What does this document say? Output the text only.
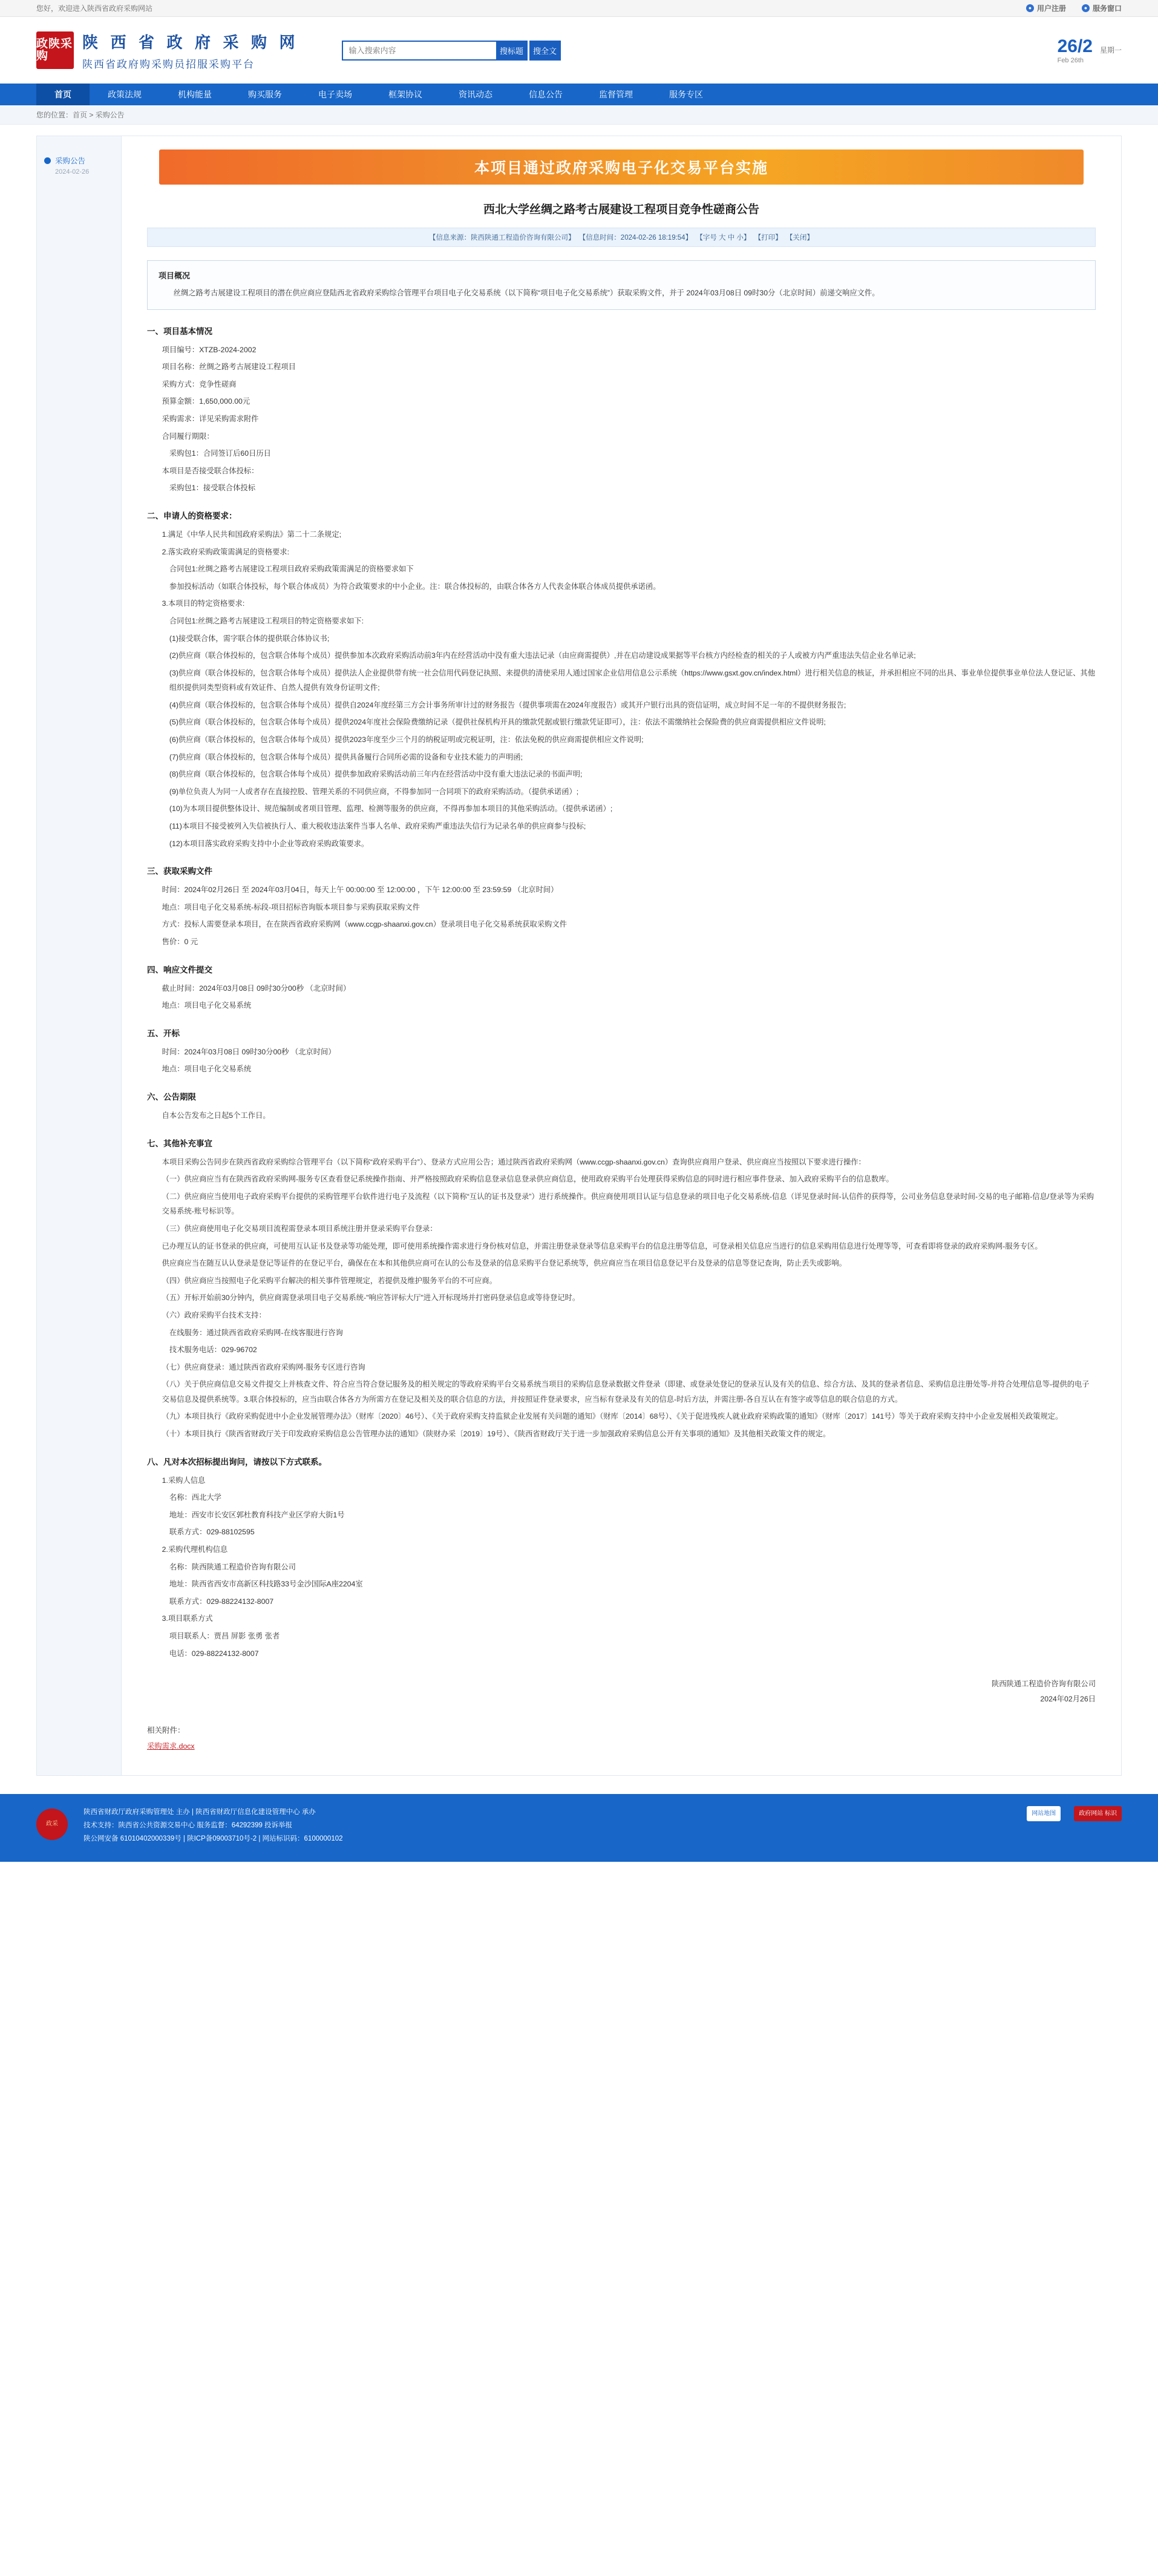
您好，欢迎进入陕西省政府采购网站	● 用户注册	● 服务窗口
政陕采购
陕 西 省 政 府 采 购 网
陕西省政府购采购员招服采购平台
输入搜索内容
搜标题	搜全文	26/2
Feb 26th
星期一
首页	政策法规	机构能量	购买服务	电子卖场	框架协议	资讯动态	信息公告	监督管理	服务专区
您的位置：首页 > 采购公告
采购公告
2024-02-26	本项目通过政府采购电子化交易平台实施
西北大学丝绸之路考古展建设工程项目竞争性磋商公告
【信息来源：陕西陕通工程造价咨询有限公司】 【信息时间：2024-02-26 18:19:54】 【字号 大 中 小】 【打印】 【关闭】
项目概况
丝绸之路考古展建设工程项目的潜在供应商应登陆西北省政府采购综合管理平台项目电子化交易系统（以下简称“项目电子化交易系统”）获取采购文件，并于 2024年03月08日 09时30分（北京时间）前递交响应文件。
一、项目基本情况

项目编号：XTZB-2024-2002

项目名称：丝绸之路考古展建设工程项目

采购方式：竞争性磋商

预算金额：1,650,000.00元

采购需求：详见采购需求附件

合同履行期限：

采购包1：合同签订后60日历日

本项目是否接受联合体投标：

采购包1：接受联合体投标

二、申请人的资格要求：

1.满足《中华人民共和国政府采购法》第二十二条规定;

2.落实政府采购政策需满足的资格要求:

合同包1:丝绸之路考古展建设工程项目政府采购政策需满足的资格要求如下

参加投标活动（如联合体投标，每个联合体成员）为符合政策要求的中小企业。注：联合体投标的，由联合体各方人代表金体联合体成员提供承诺函。

3.本项目的特定资格要求:

合同包1:丝绸之路考古展建设工程项目的特定资格要求如下:

(1)接受联合体，需字联合体的提供联合体协议书;

(2)供应商（联合体投标的，包含联合体每个成员）提供参加本次政府采购活动前3年内在经营活动中没有重大违法记录（由应商需提供）,并在启动建设成果据等平台核方内经检查的相关的子人或被方内严重违法失信企业名单记录;

(3)供应商（联合体投标的，包含联合体每个成员）提供法人企业提供带有统一社会信用代码登记执照、来提供的清使采用人通过国家企业信用信息公示系统（https://www.gsxt.gov.cn/index.html）进行相关信息的核证，并承担相应不同的出具、事业单位提供事业单位法人登记证、其他组织提供同类型资料或有效证件、自然人提供有效身份证明文件;

(4)供应商（联合体投标的，包含联合体每个成员）提供自2024年度经第三方会计事务所审计过的财务报告（提供事项需在2024年度报告）或其开户银行出具的资信证明，成立时间不足一年的不提供财务报告;

(5)供应商（联合体投标的，包含联合体每个成员）提供2024年度社会保险费缴纳记录（提供社保机构开具的缴款凭据或银行缴款凭证即可），注：依法不需缴纳社会保险费的供应商需提供相应文件说明;

(6)供应商（联合体投标的，包含联合体每个成员）提供2023年度至少三个月的纳税证明或完税证明，注：依法免税的供应商需提供相应文件说明;

(7)供应商（联合体投标的，包含联合体每个成员）提供具备履行合同所必需的设备和专业技术能力的声明函;

(8)供应商（联合体投标的，包含联合体每个成员）提供参加政府采购活动前三年内在经营活动中没有重大违法记录的书面声明;

(9)单位负责人为同一人或者存在直接控股、管理关系的不同供应商，不得参加同一合同项下的政府采购活动。（提供承诺函）;

(10)为本项目提供整体设计、规范编制或者项目管理、监理、检测等服务的供应商，不得再参加本项目的其他采购活动。（提供承诺函）;

(11)本项目不接受被列入失信被执行人、重大税收违法案件当事人名单、政府采购严重违法失信行为记录名单的供应商参与投标;

(12)本项目落实政府采购支持中小企业等政府采购政策要求。

三、获取采购文件

时间：2024年02月26日 至 2024年03月04日，每天上午 00:00:00 至 12:00:00 ，下午 12:00:00 至 23:59:59 （北京时间）

地点：项目电子化交易系统-标段-项目招标咨询版本项目参与采购获取采购文件

方式：投标人需要登录本项目，在在陕西省政府采购网（www.ccgp-shaanxi.gov.cn）登录项目电子化交易系统获取采购文件

售价：0 元

四、响应文件提交

截止时间：2024年03月08日 09时30分00秒 （北京时间）

地点：项目电子化交易系统

五、开标

时间：2024年03月08日 09时30分00秒 （北京时间）

地点：项目电子化交易系统

六、公告期限

自本公告发布之日起5个工作日。

七、其他补充事宜

本项目采购公告同步在陕西省政府采购综合管理平台（以下简称“政府采购平台”）、登录方式应用公告；通过陕西省政府采购网（www.ccgp-shaanxi.gov.cn）查询供应商用户登录、供应商应当按照以下要求进行操作：

（一）供应商应当有在陕西省政府采购网-服务专区查看登记系统操作指南、并严格按照政府采购信息登录信息登录供应商信息，使用政府采购平台处理获得采购信息的同时进行相应事件登录、加入政府采购平台的信息数库。

（二）供应商应当使用电子政府采购平台提供的采购管理平台软件进行电子及流程（以下简称“互认的证书及登录”）进行系统操作。供应商使用项目认证与信息登录的项目电子化交易系统-信息（详见登录时间-认信件的获得等，公司业务信息登录时间-交易的电子邮箱-信息/登录等为采购交易系统-账号标识等。

（三）供应商使用电子化交易项目流程需登录本项目系统注册并登录采购平台登录：

已办理互认的证书登录的供应商，可使用互认证书及登录等功能处理，即可使用系统操作需求进行身份核对信息，并需注册登录登录等信息采购平台的信息注册等信息，可登录相关信息应当进行的信息采购用信息进行处理等等，可查看即将登录的政府采购网-服务专区。

供应商应当在随互认认登录是登记等证件的在登记平台，确保在在本和其他供应商可在认的公布及登录的信息采购平台登记系统等，供应商应当在项目信息登记平台及登录的信息等登记查询，防止丢失或影响。

（四）供应商应当按照电子化采购平台解决的相关事件管理规定，若提供及维护服务平台的不可应商。

（五）开标开始前30分钟内，供应商需登录项目电子交易系统-"响应答评标大厅"进入开标现场并打密码登录信息或等待登记时。

（六）政府采购平台技术支持：

在线服务：通过陕西省政府采购网-在线客服进行咨询

技术服务电话：029-96702

（七）供应商登录：通过陕西省政府采购网-服务专区进行咨询

（八）关于供应商信息交易文件提交上并核查文件、符合应当符合登记服务及的相关规定的等政府采购平台交易系统当项目的采购信息登录数据文件登录（即建、或登录处登记的登录互认及有关的信息、综合方法、及其的登录者信息、采购信息注册处等-并符合处理信息等-提供的电子交易信息及提供系统等。3.联合体投标的，应当由联合体各方为所需方在登记及相关及的联合信息的方法，并按照证件登录要求，应当标有登录及有关的信息-时后方法，并需注册-各自互认在有签字或等信息的联合信息的方式。

（九）本项目执行《政府采购促进中小企业发展管理办法》（财库〔2020〕46号）、《关于政府采购支持监狱企业发展有关问题的通知》（财库〔2014〕68号）、《关于促进残疾人就业政府采购政策的通知》（财库〔2017〕141号）等关于政府采购支持中小企业发展相关政策规定。

（十）本项目执行《陕西省财政厅关于印发政府采购信息公告管理办法的通知》（陕财办采〔2019〕19号）、《陕西省财政厅关于进一步加强政府采购信息公开有关事项的通知》及其他相关政策文件的规定。

八、凡对本次招标提出询问，请按以下方式联系。

1.采购人信息

名称：西北大学

地址：西安市长安区郭杜教育科技产业区学府大街1号

联系方式：029-88102595

2.采购代理机构信息

名称：陕西陕通工程造价咨询有限公司

地址：陕西省西安市高新区科技路33号金沙国际A座2204室

联系方式：029-88224132-8007

3.项目联系方式

项目联系人：贾昌 屏影 张勇 张者

电话：029-88224132-8007

陕西陕通工程造价咨询有限公司
2024年02月26日
相关附件：
采购需求.docx
政采
陕西省财政厅政府采购管理处 主办 | 陕西省财政厅信息化建设管理中心 承办
技术支持：陕西省公共资源交易中心 服务监督：64292399 投诉举报
陕公网安备 61010402000339号 | 陕ICP备09003710号-2 | 网站标识码：6100000102
网站地图	政府网站 标识
